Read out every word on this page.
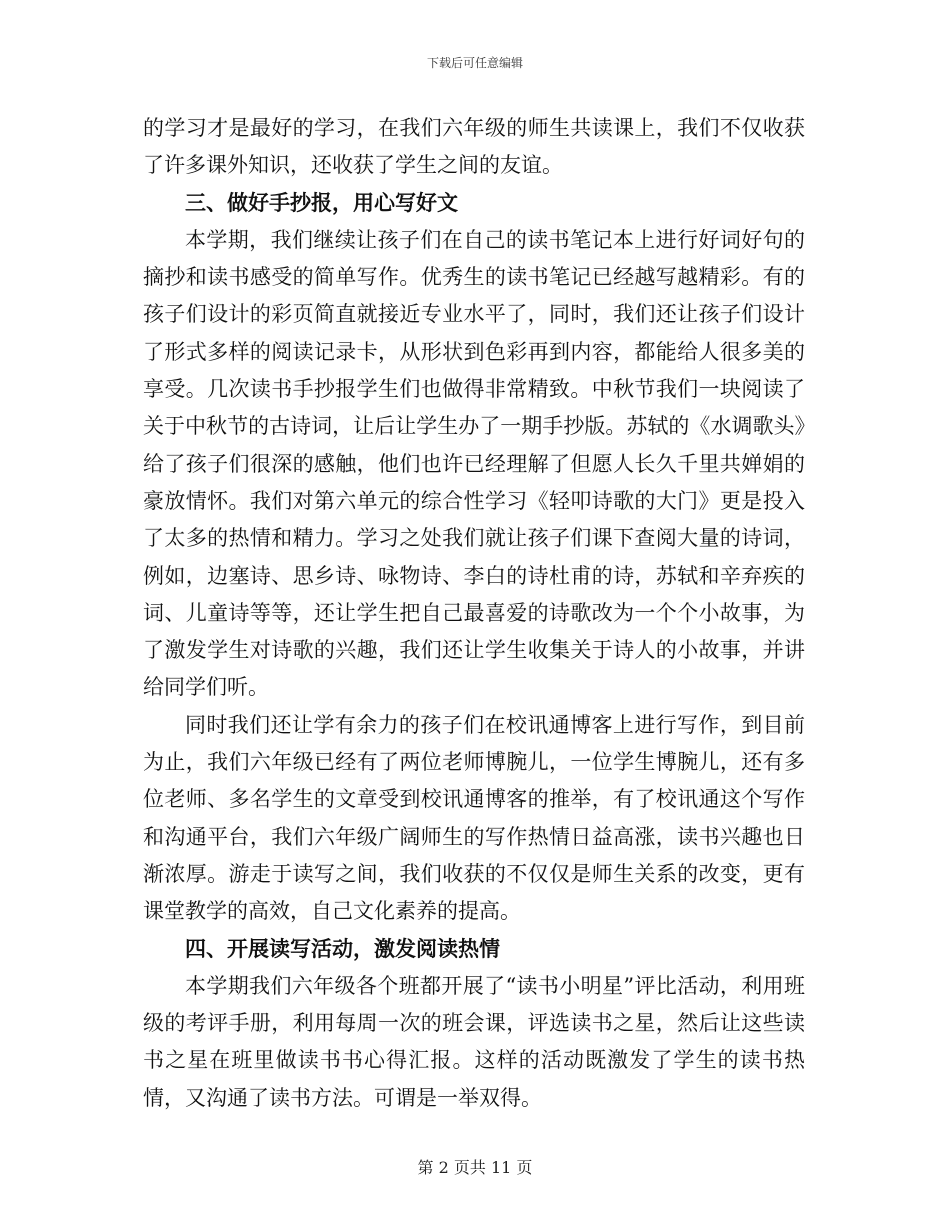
下载后可任意编辑

的学习才是最好的学习，在我们六年级的师生共读课上，我们不仅收获了许多课外知识，还收获了学生之间的友谊。

三、做好手抄报，用心写好文

本学期，我们继续让孩子们在自己的读书笔记本上进行好词好句的摘抄和读书感受的简单写作。优秀生的读书笔记已经越写越精彩。有的孩子们设计的彩页简直就接近专业水平了，同时，我们还让孩子们设计了形式多样的阅读记录卡，从形状到色彩再到内容，都能给人很多美的享受。几次读书手抄报学生们也做得非常精致。中秋节我们一块阅读了关于中秋节的古诗词，让后让学生办了一期手抄版。苏轼的《水调歌头》给了孩子们很深的感触，他们也许已经理解了但愿人长久千里共婵娟的豪放情怀。我们对第六单元的综合性学习《轻叩诗歌的大门》更是投入了太多的热情和精力。学习之处我们就让孩子们课下查阅大量的诗词，例如，边塞诗、思乡诗、咏物诗、李白的诗杜甫的诗，苏轼和辛弃疾的词、儿童诗等等，还让学生把自己最喜爱的诗歌改为一个个小故事，为了激发学生对诗歌的兴趣，我们还让学生收集关于诗人的小故事，并讲给同学们听。

同时我们还让学有余力的孩子们在校讯通博客上进行写作，到目前为止，我们六年级已经有了两位老师博腕儿，一位学生博腕儿，还有多位老师、多名学生的文章受到校讯通博客的推举，有了校讯通这个写作和沟通平台，我们六年级广阔师生的写作热情日益高涨，读书兴趣也日渐浓厚。游走于读写之间，我们收获的不仅仅是师生关系的改变，更有课堂教学的高效，自己文化素养的提高。

四、开展读写活动，激发阅读热情

本学期我们六年级各个班都开展了“读书小明星”评比活动，利用班级的考评手册，利用每周一次的班会课，评选读书之星，然后让这些读书之星在班里做读书书心得汇报。这样的活动既激发了学生的读书热情，又沟通了读书方法。可谓是一举双得。

第 2 页共 11 页
